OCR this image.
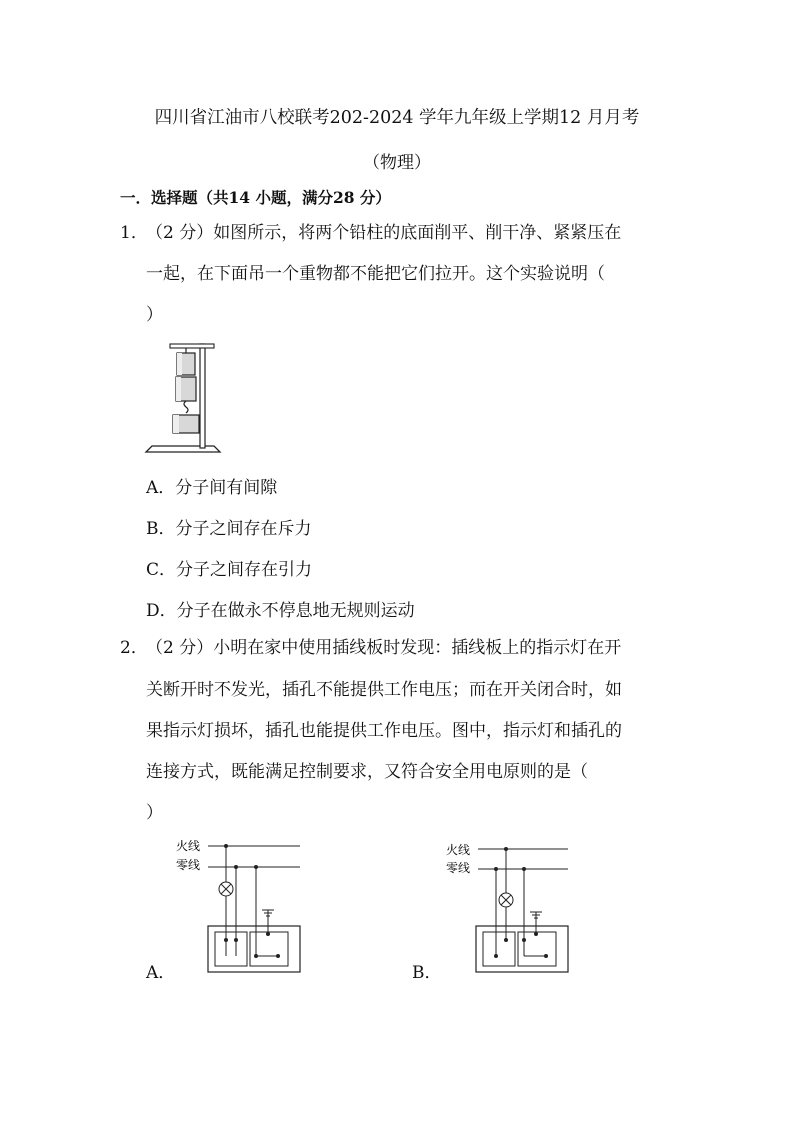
四川省江油市八校联考202-2024 学年九年级上学期12 月月考
（物理）
一．选择题（共14 小题，满分28 分）
1．
（2 分）如图所示，将两个铅柱的底面削平、削干净、紧紧压在
一起，在下面吊一个重物都不能把它们拉开。这个实验说明（
）
A．分子间有间隙
B．分子之间存在斥力
C．分子之间存在引力
D．分子在做永不停息地无规则运动
2．
（2 分）小明在家中使用插线板时发现：插线板上的指示灯在开
关断开时不发光，插孔不能提供工作电压；而在开关闭合时，如
果指示灯损坏，插孔也能提供工作电压。图中，指示灯和插孔的
连接方式，既能满足控制要求，又符合安全用电原则的是（
）
火线
零线
A．
火线
零线
B．
